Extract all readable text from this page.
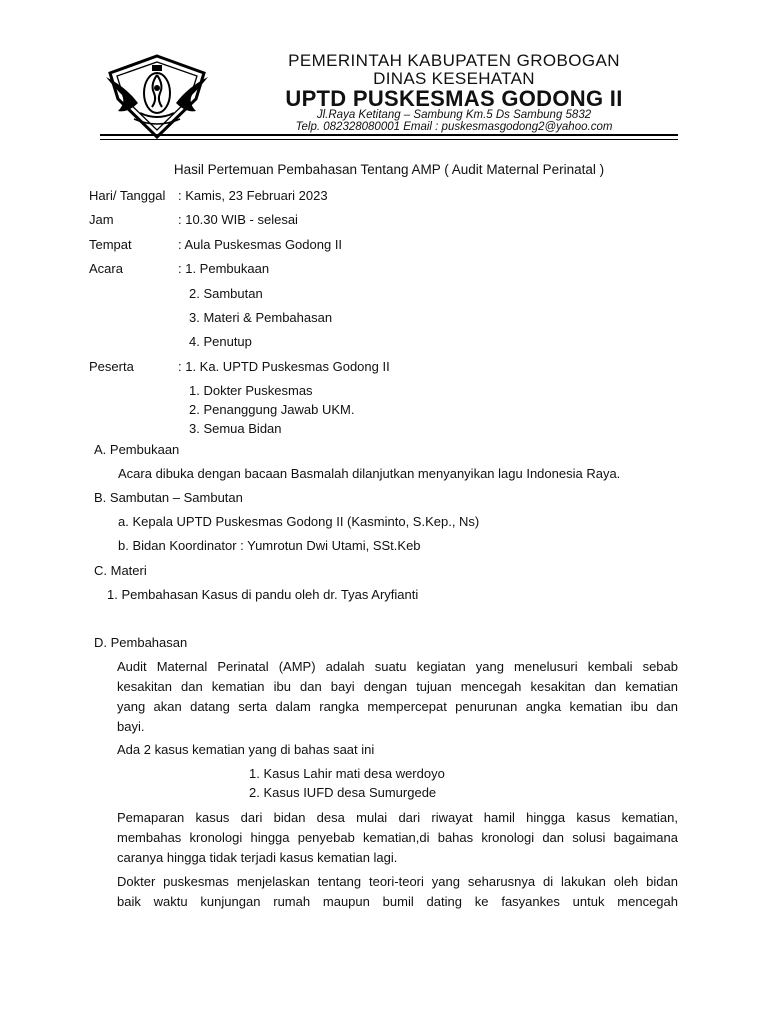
PEMERINTAH KABUPATEN GROBOGAN
DINAS KESEHATAN
UPTD PUSKESMAS GODONG II
Jl.Raya Ketitang – Sambung Km.5 Ds Sambung 5832
Telp. 082328080001 Email : puskesmasgodong2@yahoo.com
Hasil Pertemuan Pembahasan Tentang AMP ( Audit Maternal Perinatal )
Hari/ Tanggal : Kamis, 23 Februari 2023
Jam	: 10.30 WIB - selesai
Tempat	: Aula Puskesmas Godong II
Acara	: 1. Pembukaan
2. Sambutan
3. Materi & Pembahasan
4. Penutup
Peserta	: 1. Ka. UPTD Puskesmas Godong II
1. Dokter Puskesmas
2. Penanggung Jawab UKM.
3. Semua Bidan
A. Pembukaan
Acara dibuka dengan bacaan Basmalah dilanjutkan menyanyikan lagu Indonesia Raya.
B. Sambutan – Sambutan
a. Kepala UPTD Puskesmas Godong II (Kasminto, S.Kep., Ns)
b. Bidan Koordinator : Yumrotun Dwi Utami, SSt.Keb
C. Materi
1. Pembahasan Kasus di pandu oleh dr. Tyas Aryfianti
D. Pembahasan
Audit Maternal Perinatal (AMP) adalah suatu kegiatan yang menelusuri kembali sebab
kesakitan dan kematian ibu dan bayi dengan tujuan mencegah kesakitan dan kematian
yang akan datang serta dalam rangka mempercepat penurunan angka kematian ibu dan
bayi.
Ada 2 kasus kematian yang di bahas saat ini
1. Kasus Lahir mati desa werdoyo
2. Kasus IUFD desa Sumurgede
Pemaparan kasus dari bidan desa mulai dari riwayat hamil hingga kasus kematian,
membahas kronologi hingga penyebab kematian,di bahas kronologi dan solusi bagaimana
caranya hingga tidak terjadi kasus kematian lagi.
Dokter puskesmas menjelaskan tentang teori-teori yang seharusnya di lakukan oleh bidan
baik waktu kunjungan rumah maupun bumil dating ke fasyankes untuk mencegah
